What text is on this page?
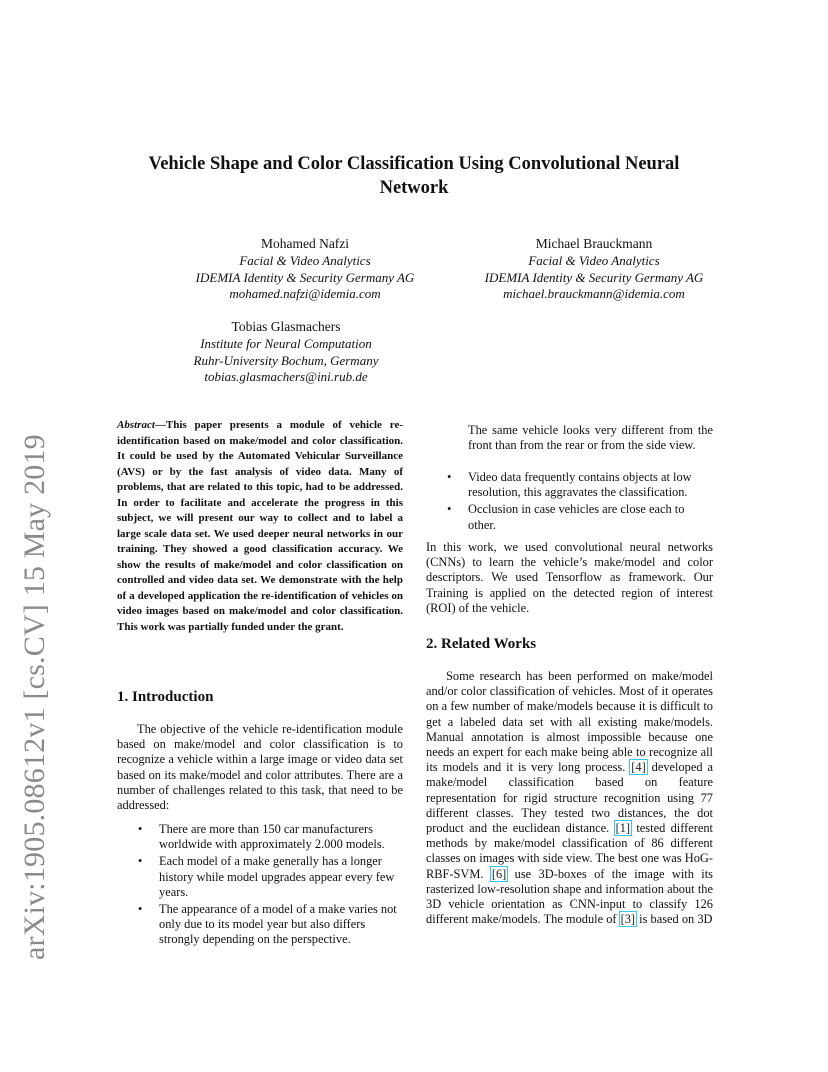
arXiv:1905.08612v1 [cs.CV] 15 May 2019
Vehicle Shape and Color Classification Using Convolutional Neural
Network
Mohamed Nafzi
Facial & Video Analytics
IDEMIA Identity & Security Germany AG
mohamed.nafzi@idemia.com
Michael Brauckmann
Facial & Video Analytics
IDEMIA Identity & Security Germany AG
michael.brauckmann@idemia.com
Tobias Glasmachers
Institute for Neural Computation
Ruhr-University Bochum, Germany
tobias.glasmachers@ini.rub.de
Abstract—This paper presents a module of vehicle re-identification based on make/model and color classification. It could be used by the Automated Vehicular Surveillance (AVS) or by the fast analysis of video data. Many of problems, that are related to this topic, had to be addressed. In order to facilitate and accelerate the progress in this subject, we will present our way to collect and to label a large scale data set. We used deeper neural networks in our training. They showed a good classification accuracy. We show the results of make/model and color classification on controlled and video data set. We demonstrate with the help of a developed application the re-identification of vehicles on video images based on make/model and color classification. This work was partially funded under the grant.
1. Introduction
The objective of the vehicle re-identification module based on make/model and color classification is to recognize a vehicle within a large image or video data set based on its make/model and color attributes. There are a number of challenges related to this task, that need to be addressed:
• There are more than 150 car manufacturers worldwide with approximately 2.000 models.
• Each model of a make generally has a longer history while model upgrades appear every few years.
• The appearance of a model of a make varies not only due to its model year but also differs strongly depending on the perspective.
The same vehicle looks very different from the front than from the rear or from the side view.
• Video data frequently contains objects at low resolution, this aggravates the classification.
• Occlusion in case vehicles are close each to other.
In this work, we used convolutional neural networks (CNNs) to learn the vehicle’s make/model and color descriptors. We used Tensorflow as framework. Our Training is applied on the detected region of interest (ROI) of the vehicle.
2. Related Works
Some research has been performed on make/model and/or color classification of vehicles. Most of it operates on a few number of make/models because it is difficult to get a labeled data set with all existing make/models. Manual annotation is almost impossible because one needs an expert for each make being able to recognize all its models and it is very long process. [4] developed a make/model classification based on feature representation for rigid structure recognition using 77 different classes. They tested two distances, the dot product and the euclidean distance. [1] tested different methods by make/model classification of 86 different classes on images with side view. The best one was HoG-RBF-SVM. [6] use 3D-boxes of the image with its rasterized low-resolution shape and information about the 3D vehicle orientation as CNN-input to classify 126 different make/models. The module of [3] is based on 3D
